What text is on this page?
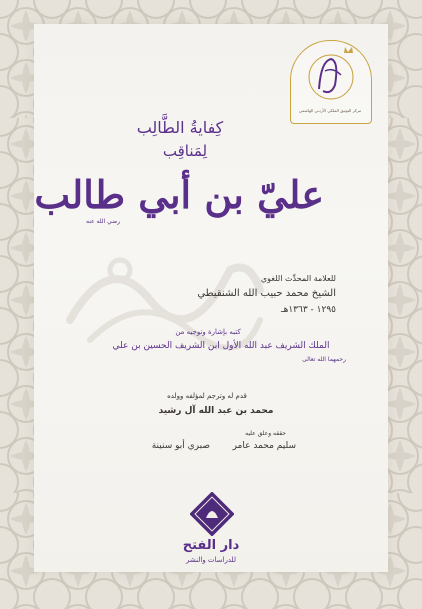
مركز التوثيق الملكي الأردني الهاشمي
كِفايةُ الطَّالِب
لِمَناقِب
عليّ بن أبي طالب
رضي الله عنه
للعلامة المحدِّث اللغوي
الشيخ محمد حبيب الله الشنقيطي
١٢٩٥ - ١٣٦٣هـ
كتبه بإشارة وتوجيه من
الملك الشريف عبد الله الأول ابن الشريف الحسين بن علي
رحمهما الله تعالى
قدم له وترجم لمؤلفه وولده
محمد بن عبد الله آل رشيد
حققه وعلق عليه
سليم محمد عامر
صبري أبو سنينة
دار الفتح
للدراسات والنشر
